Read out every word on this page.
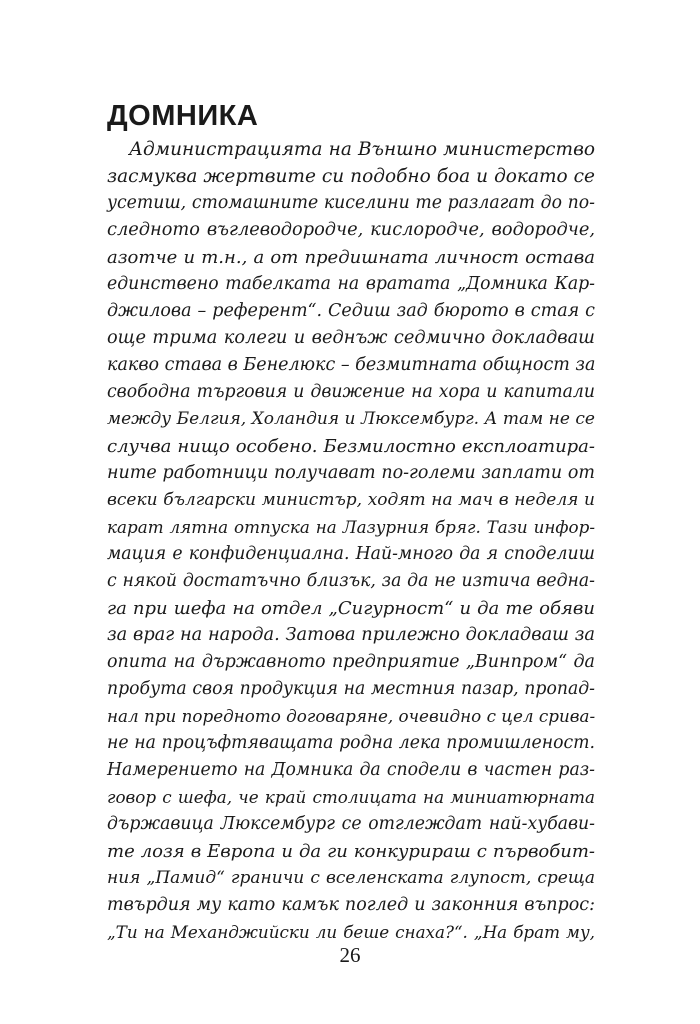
ДОМНИКА
Администрацията на Външно министерство
засмуква жертвите си подобно боа и докато се
усетиш, стомашните киселини те разлагат до по-
следното въглеводородче, кислородче, водородче,
азотче и т.н., а от предишната личност остава
единствено табелката на вратата „Домника Кар-
джилова – референт“. Седиш зад бюрото в стая с
още трима колеги и веднъж седмично докладваш
какво става в Бенелюкс – безмитната общност за
свободна търговия и движение на хора и капитали
между Белгия, Холандия и Люксембург. А там не се
случва нищо особено. Безмилостно експлоатира-
ните работници получават по-големи заплати от
всеки български министър, ходят на мач в неделя и
карат лятна отпуска на Лазурния бряг. Тази инфор-
мация е конфиденциална. Най-много да я споделиш
с някой достатъчно близък, за да не изтича ведна-
га при шефа на отдел „Сигурност“ и да те обяви
за враг на народа. Затова прилежно докладваш за
опита на държавното предприятие „Винпром“ да
пробута своя продукция на местния пазар, пропад-
нал при поредното договаряне, очевидно с цел срива-
не на процъфтяващата родна лека промишленост.
Намерението на Домника да сподели в частен раз-
говор с шефа, че край столицата на миниатюрната
държавица Люксембург се отглеждат най-хубави-
те лозя в Европа и да ги конкурираш с първобит-
ния „Памид“ граничи с вселенската глупост, среща
твърдия му като камък поглед и законния въпрос:
„Ти на Механджийски ли беше снаха?“. „На брат му,
26
